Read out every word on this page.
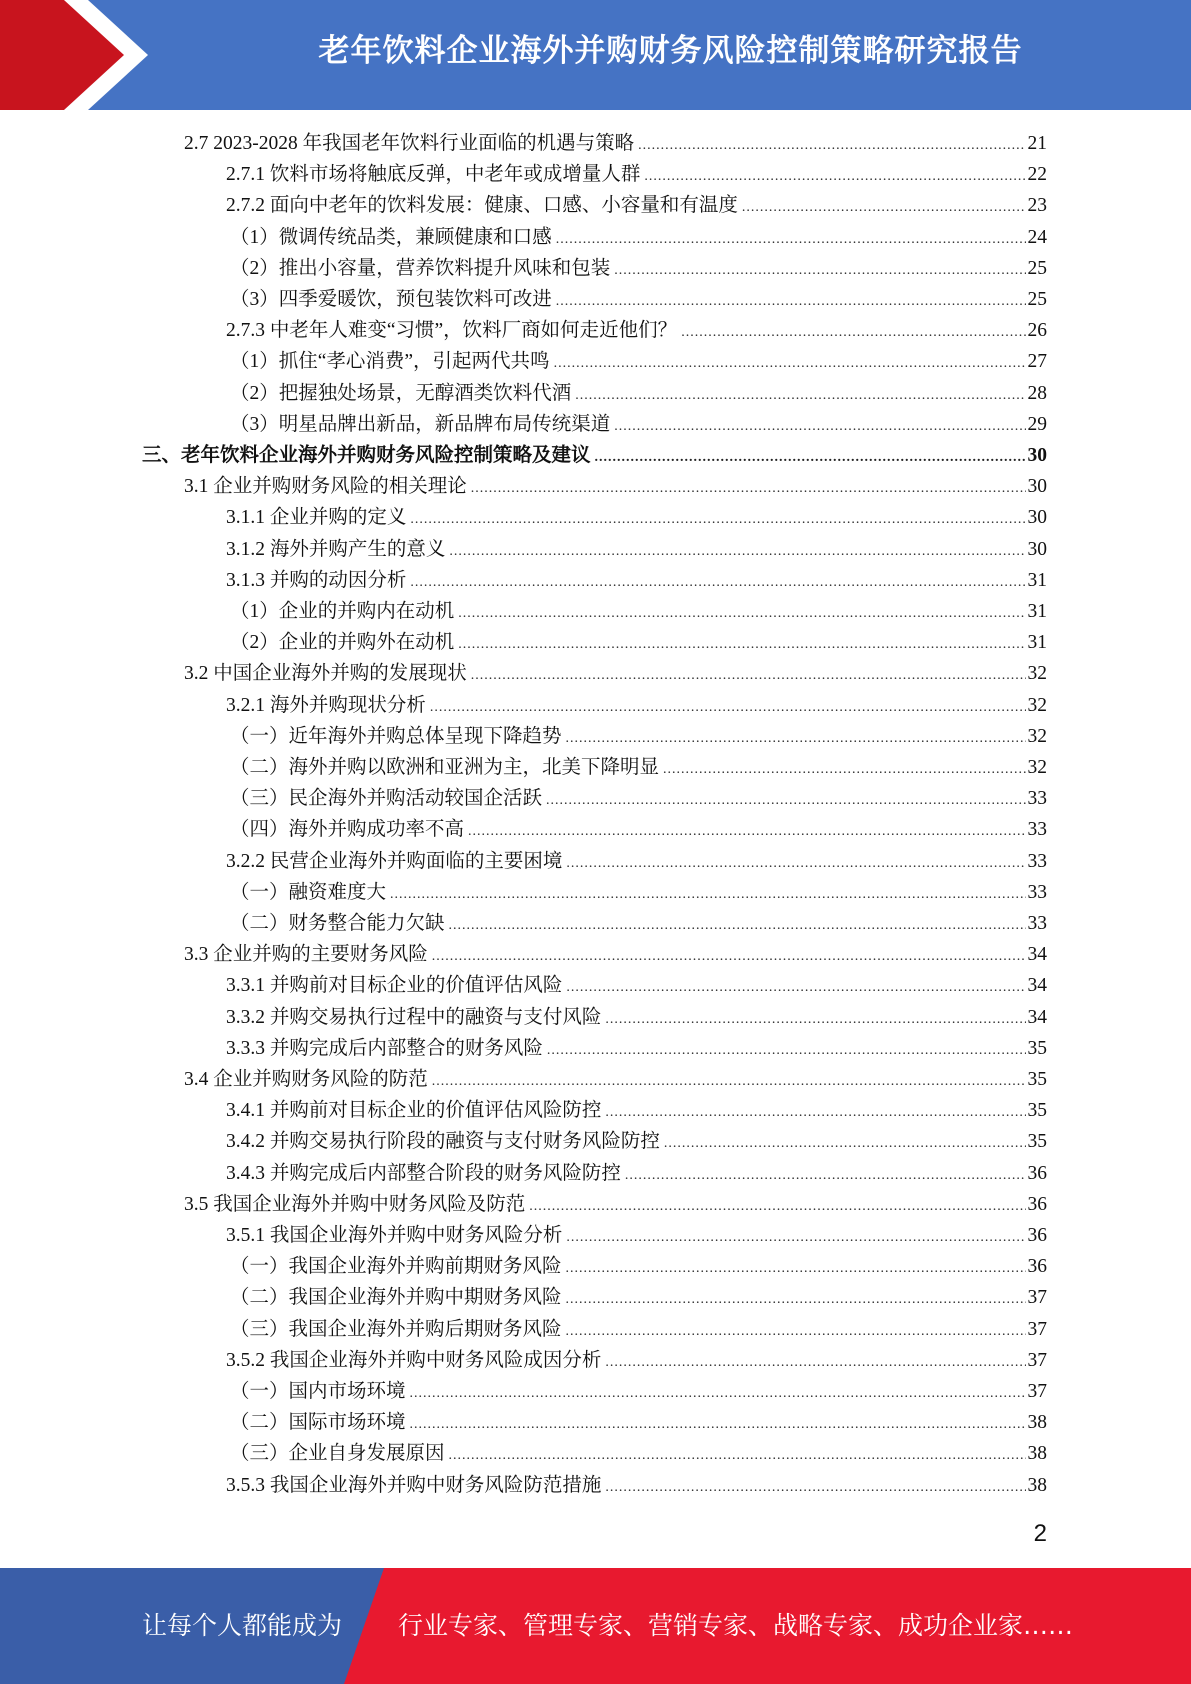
老年饮料企业海外并购财务风险控制策略研究报告
2.7 2023-2028 年我国老年饮料行业面临的机遇与策略 .....	21
2.7.1 饮料市场将触底反弹，中老年或成增量人群 .....	22
2.7.2 面向中老年的饮料发展：健康、口感、小容量和有温度 .....	23
（1）微调传统品类，兼顾健康和口感 .....	24
（2）推出小容量，营养饮料提升风味和包装 .....	25
（3）四季爱暖饮，预包装饮料可改进 .....	25
2.7.3 中老年人难变“习惯”，饮料厂商如何走近他们？ .....	26
（1）抓住“孝心消费”，引起两代共鸣 .....	27
（2）把握独处场景，无醇酒类饮料代酒 .....	28
（3）明星品牌出新品，新品牌布局传统渠道 .....	29
三、老年饮料企业海外并购财务风险控制策略及建议 .....	30
3.1 企业并购财务风险的相关理论 .....	30
3.1.1 企业并购的定义 .....	30
3.1.2 海外并购产生的意义 .....	30
3.1.3 并购的动因分析 .....	31
（1）企业的并购内在动机 .....	31
（2）企业的并购外在动机 .....	31
3.2 中国企业海外并购的发展现状 .....	32
3.2.1 海外并购现状分析 .....	32
（一）近年海外并购总体呈现下降趋势 .....	32
（二）海外并购以欧洲和亚洲为主，北美下降明显 .....	32
（三）民企海外并购活动较国企活跃 .....	33
（四）海外并购成功率不高 .....	33
3.2.2 民营企业海外并购面临的主要困境 .....	33
（一）融资难度大 .....	33
（二）财务整合能力欠缺 .....	33
3.3 企业并购的主要财务风险 .....	34
3.3.1 并购前对目标企业的价值评估风险 .....	34
3.3.2 并购交易执行过程中的融资与支付风险 .....	34
3.3.3 并购完成后内部整合的财务风险 .....	35
3.4 企业并购财务风险的防范 .....	35
3.4.1 并购前对目标企业的价值评估风险防控 .....	35
3.4.2 并购交易执行阶段的融资与支付财务风险防控 .....	35
3.4.3 并购完成后内部整合阶段的财务风险防控 .....	36
3.5 我国企业海外并购中财务风险及防范 .....	36
3.5.1 我国企业海外并购中财务风险分析 .....	36
（一）我国企业海外并购前期财务风险 .....	36
（二）我国企业海外并购中期财务风险 .....	37
（三）我国企业海外并购后期财务风险 .....	37
3.5.2 我国企业海外并购中财务风险成因分析 .....	37
（一）国内市场环境 .....	37
（二）国际市场环境 .....	38
（三）企业自身发展原因 .....	38
3.5.3 我国企业海外并购中财务风险防范措施 .....	38
2
让每个人都能成为 行业专家、管理专家、营销专家、战略专家、成功企业家……
